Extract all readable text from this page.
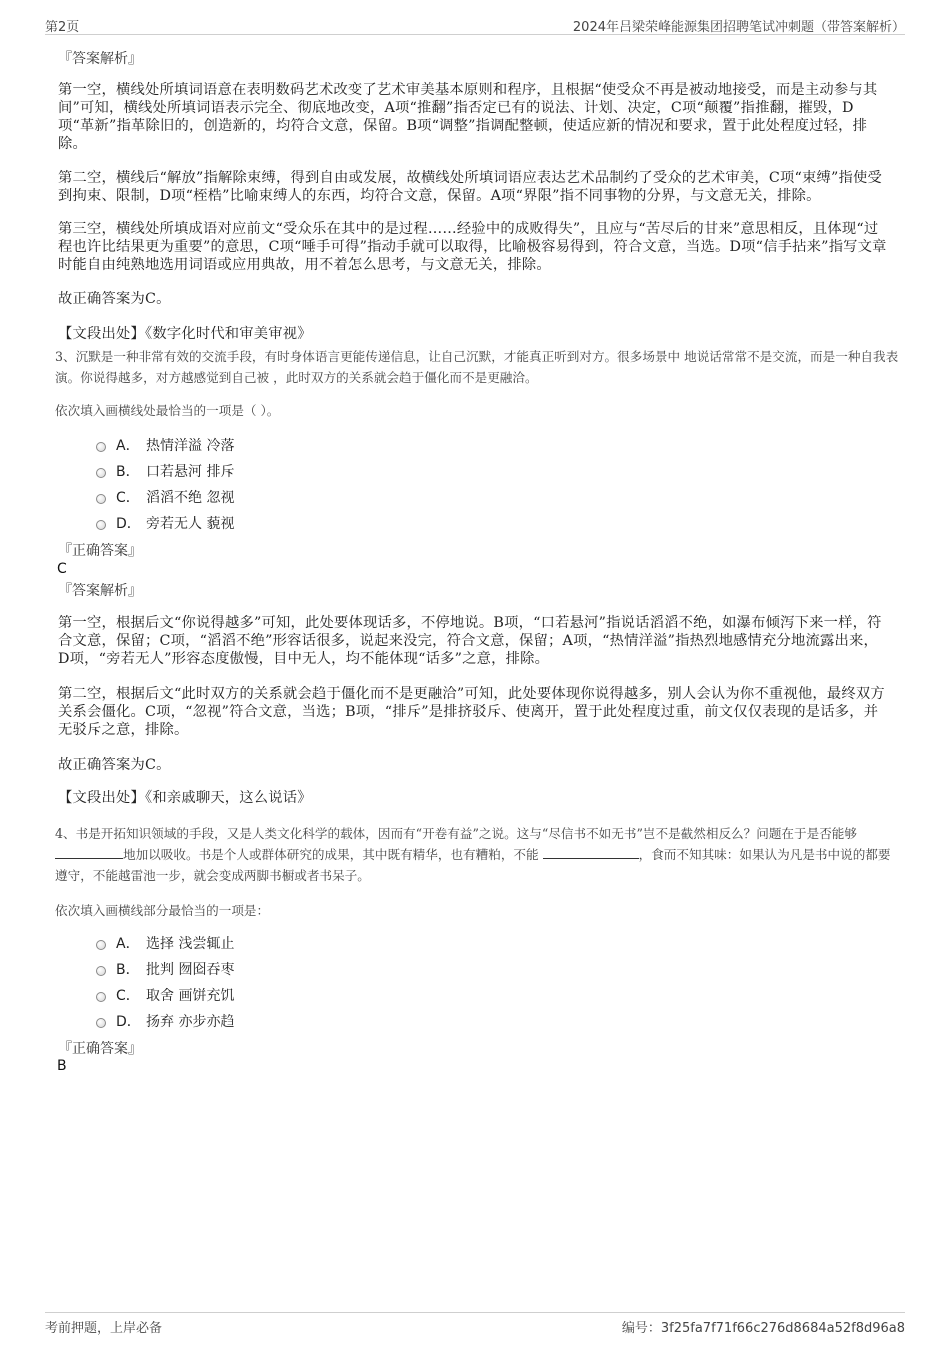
第2页	2024年吕梁荣峰能源集团招聘笔试冲刺题（带答案解析）
『答案解析』
第一空，横线处所填词语意在表明数码艺术改变了艺术审美基本原则和程序，且根据“使受众不再是被动地接受，而是主动参与其间”可知，横线处所填词语表示完全、彻底地改变，A项“推翻”指否定已有的说法、计划、决定，C项“颠覆”指推翻，摧毁，D项“革新”指革除旧的，创造新的，均符合文意，保留。B项“调整”指调配整顿，使适应新的情况和要求，置于此处程度过轻，排除。
第二空，横线后“解放”指解除束缚，得到自由或发展，故横线处所填词语应表达艺术品制约了受众的艺术审美，C项“束缚”指使受到拘束、限制，D项“桎梏”比喻束缚人的东西，均符合文意，保留。A项“界限”指不同事物的分界，与文意无关，排除。
第三空，横线处所填成语对应前文“受众乐在其中的是过程……经验中的成败得失”，且应与“苦尽后的甘来”意思相反，且体现“过程也许比结果更为重要”的意思，C项“唾手可得”指动手就可以取得，比喻极容易得到，符合文意，当选。D项“信手拈来”指写文章时能自由纯熟地选用词语或应用典故，用不着怎么思考，与文意无关，排除。
故正确答案为C。
【文段出处】《数字化时代和审美审视》
3、沉默是一种非常有效的交流手段，有时身体语言更能传递信息，让自己沉默，才能真正听到对方。很多场景中 地说话常常不是交流，而是一种自我表演。你说得越多，对方越感觉到自己被 ，此时双方的关系就会趋于僵化而不是更融洽。
依次填入画横线处最恰当的一项是（ ）。
A． 热情洋溢 冷落
B． 口若悬河 排斥
C． 滔滔不绝 忽视
D． 旁若无人 藐视
『正确答案』
C
『答案解析』
第一空，根据后文“你说得越多”可知，此处要体现话多，不停地说。B项，“口若悬河”指说话滔滔不绝，如瀑布倾泻下来一样，符合文意，保留；C项，“滔滔不绝”形容话很多，说起来没完，符合文意，保留；A项，“热情洋溢”指热烈地感情充分地流露出来，D项，“旁若无人”形容态度傲慢，目中无人，均不能体现“话多”之意，排除。
第二空，根据后文“此时双方的关系就会趋于僵化而不是更融洽”可知，此处要体现你说得越多，别人会认为你不重视他，最终双方关系会僵化。C项，“忽视”符合文意，当选；B项，“排斥”是排挤驳斥、使离开，置于此处程度过重，前文仅仅表现的是话多，并无驳斥之意，排除。
故正确答案为C。
【文段出处】《和亲戚聊天，这么说话》
4、书是开拓知识领域的手段，又是人类文化科学的载体，因而有“开卷有益”之说。这与“尽信书不如无书”岂不是截然相反么？问题在于是否能够地加以吸收。书是个人或群体研究的成果，其中既有精华，也有糟粕，不能	，食而不知其味：如果认为凡是书中说的都要遵守，不能越雷池一步，就会变成两脚书橱或者书呆子。
依次填入画横线部分最恰当的一项是：
A． 选择 浅尝辄止
B． 批判 囫囵吞枣
C． 取舍 画饼充饥
D． 扬弃 亦步亦趋
『正确答案』
B
考前押题，上岸必备	编号：3f25fa7f71f66c276d8684a52f8d96a8
